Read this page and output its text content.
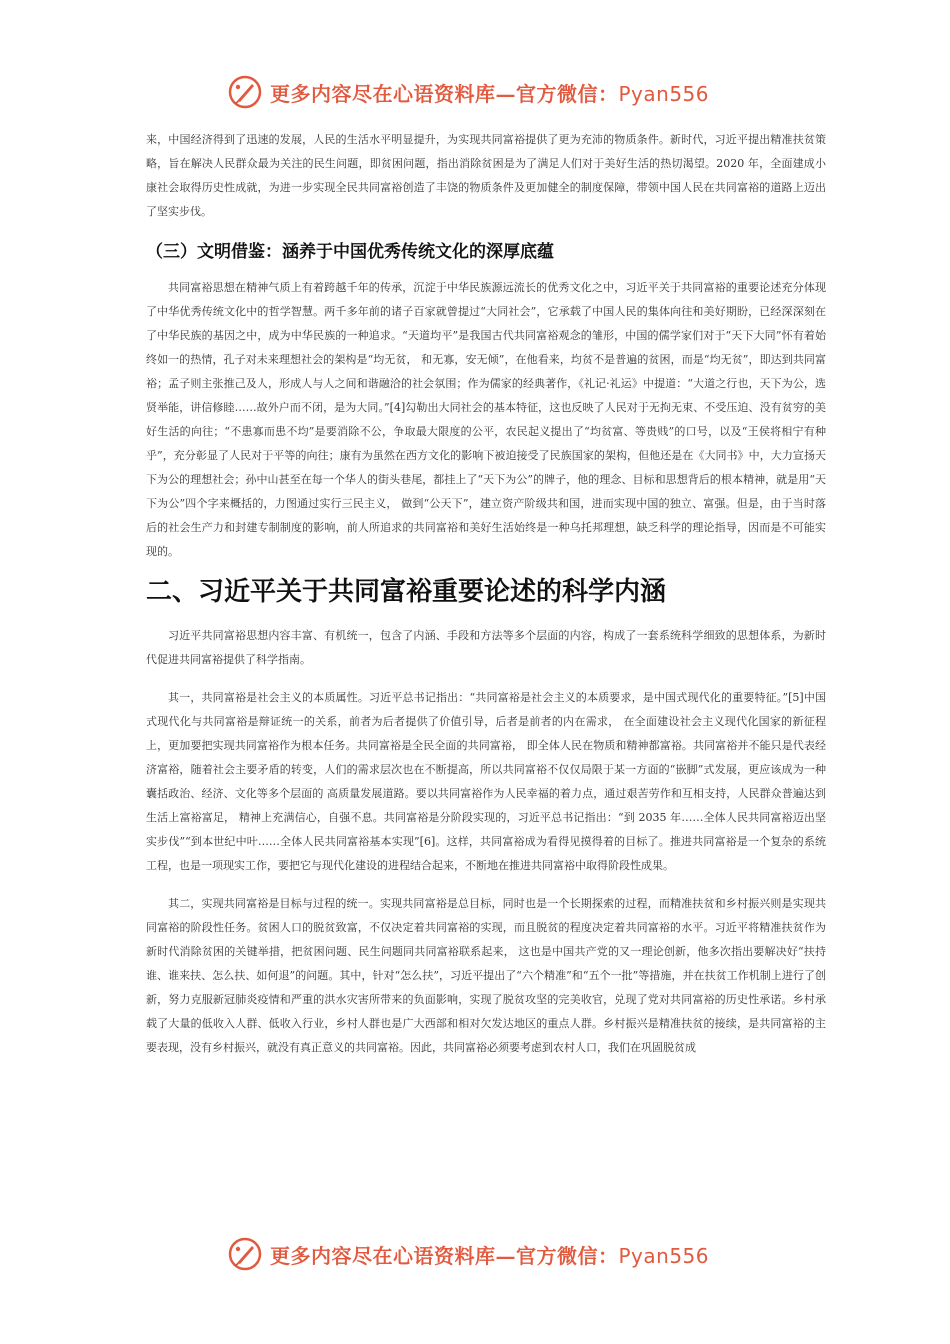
更多内容尽在心语资料库—官方微信：Pyan556

来，中国经济得到了迅速的发展，人民的生活水平明显提升，为实现共同富裕提供了更为充沛的物质条件。新时代，习近平提出精准扶贫策略，旨在解决人民群众最为关注的民生问题，即贫困问题，指出消除贫困是为了满足人们对于美好生活的热切渴望。2020 年，全面建成小康社会取得历史性成就，为进一步实现全民共同富裕创造了丰饶的物质条件及更加健全的制度保障，带领中国人民在共同富裕的道路上迈出了坚实步伐。

（三）文明借鉴：涵养于中国优秀传统文化的深厚底蕴

共同富裕思想在精神气质上有着跨越千年的传承，沉淀于中华民族源远流长的优秀文化之中，习近平关于共同富裕的重要论述充分体现了中华优秀传统文化中的哲学智慧。两千多年前的诸子百家就曾提过“大同社会”，它承载了中国人民的集体向往和美好期盼，已经深深刻在了中华民族的基因之中，成为中华民族的一种追求。“天道均平”是我国古代共同富裕观念的雏形，中国的儒学家们对于“天下大同”怀有着始终如一的热情，孔子对未来理想社会的架构是“均无贫， 和无寡，安无倾”，在他看来，均贫不是普遍的贫困，而是“均无贫”，即达到共同富裕；孟子则主张推己及人，形成人与人之间和谐融洽的社会氛围；作为儒家的经典著作，《礼记·礼运》中提道：“大道之行也，天下为公，选贤举能，讲信修睦……故外户而不闭，是为大同。”[4]勾勒出大同社会的基本特征，这也反映了人民对于无拘无束、不受压迫、没有贫穷的美好生活的向往；“不患寡而患不均”是要消除不公，争取最大限度的公平，农民起义提出了“均贫富、等贵贱”的口号，以及“王侯将相宁有种乎”，充分彰显了人民对于平等的向往；康有为虽然在西方文化的影响下被迫接受了民族国家的架构，但他还是在《大同书》中，大力宣扬天下为公的理想社会；孙中山甚至在每一个华人的街头巷尾，都挂上了“天下为公”的牌子，他的理念、目标和思想背后的根本精神，就是用“天下为公”四个字来概括的，力图通过实行三民主义， 做到“公天下”，建立资产阶级共和国，进而实现中国的独立、富强。但是，由于当时落后的社会生产力和封建专制制度的影响，前人所追求的共同富裕和美好生活始终是一种乌托邦理想，缺乏科学的理论指导，因而是不可能实现的。

二、习近平关于共同富裕重要论述的科学内涵

习近平共同富裕思想内容丰富、有机统一，包含了内涵、手段和方法等多个层面的内容，构成了一套系统科学细致的思想体系，为新时代促进共同富裕提供了科学指南。

其一，共同富裕是社会主义的本质属性。习近平总书记指出：“共同富裕是社会主义的本质要求，是中国式现代化的重要特征。”[5]中国式现代化与共同富裕是辩证统一的关系，前者为后者提供了价值引导，后者是前者的内在需求， 在全面建设社会主义现代化国家的新征程上，更加要把实现共同富裕作为根本任务。共同富裕是全民全面的共同富裕， 即全体人民在物质和精神都富裕。共同富裕并不能只是代表经济富裕，随着社会主要矛盾的转变，人们的需求层次也在不断提高，所以共同富裕不仅仅局限于某一方面的“嵌脚”式发展，更应该成为一种囊括政治、经济、文化等多个层面的 高质量发展道路。要以共同富裕作为人民幸福的着力点，通过艰苦劳作和互相支持，人民群众普遍达到生活上富裕富足， 精神上充满信心，自强不息。共同富裕是分阶段实现的，习近平总书记指出：“到 2035 年……全体人民共同富裕迈出坚实步伐”“到本世纪中叶……全体人民共同富裕基本实现”[6]。这样，共同富裕成为看得见摸得着的目标了。推进共同富裕是一个复杂的系统工程，也是一项现实工作，要把它与现代化建设的进程结合起来，不断地在推进共同富裕中取得阶段性成果。

其二，实现共同富裕是目标与过程的统一。实现共同富裕是总目标，同时也是一个长期探索的过程，而精准扶贫和乡村振兴则是实现共同富裕的阶段性任务。贫困人口的脱贫致富，不仅决定着共同富裕的实现，而且脱贫的程度决定着共同富裕的水平。习近平将精准扶贫作为新时代消除贫困的关键举措，把贫困问题、民生问题同共同富裕联系起来， 这也是中国共产党的又一理论创新，他多次指出要解决好“扶持谁、谁来扶、怎么扶、如何退”的问题。其中，针对“怎么扶”，习近平提出了“六个精准”和“五个一批”等措施，并在扶贫工作机制上进行了创新，努力克服新冠肺炎疫情和严重的洪水灾害所带来的负面影响，实现了脱贫攻坚的完美收官，兑现了党对共同富裕的历史性承诺。乡村承载了大量的低收入人群、低收入行业，乡村人群也是广大西部和相对欠发达地区的重点人群。乡村振兴是精准扶贫的接续，是共同富裕的主要表现，没有乡村振兴，就没有真正意义的共同富裕。因此，共同富裕必须要考虑到农村人口，我们在巩固脱贫成

更多内容尽在心语资料库—官方微信：Pyan556
